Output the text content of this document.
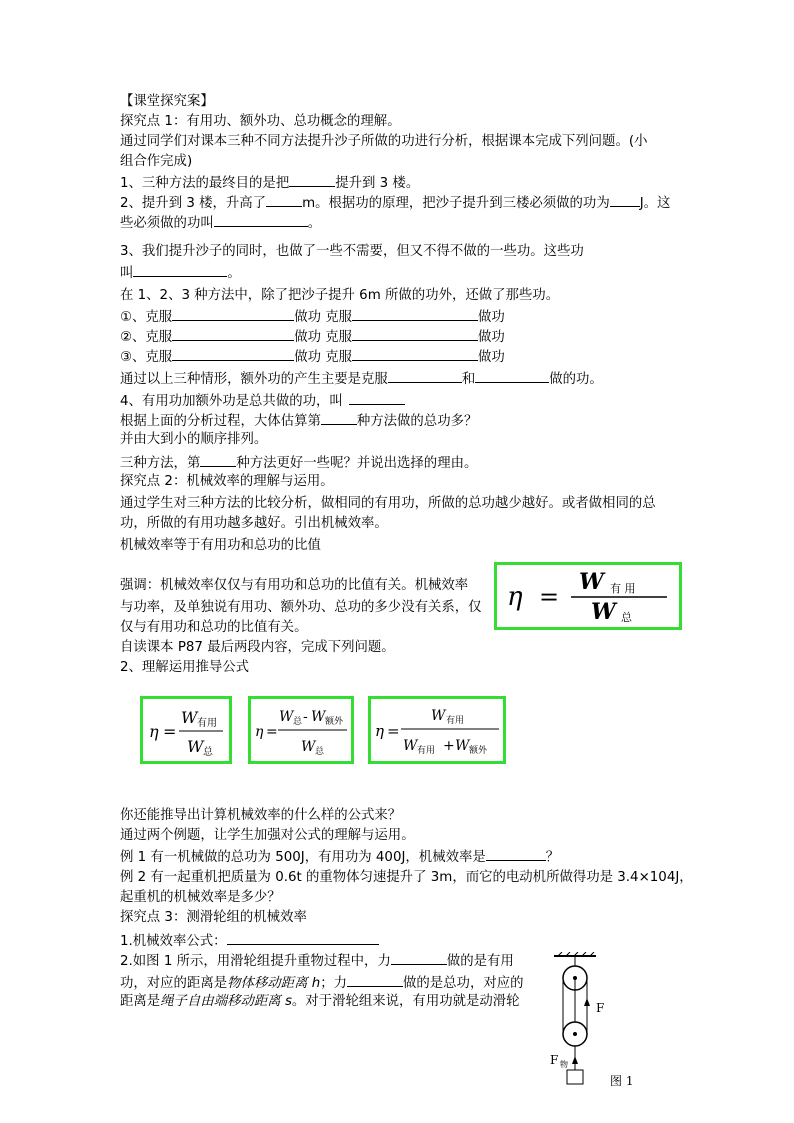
【课堂探究案】
探究点 1：有用功、额外功、总功概念的理解。
通过同学们对课本三种不同方法提升沙子所做的功进行分析，根据课本完成下列问题。(小
组合作完成)
1、三种方法的最终目的是把	提升到 3 楼。
2、提升到 3 楼，升高了	m。根据功的原理，把沙子提升到三楼必须做的功为 J。这
些必须做的功叫	。
3、我们提升沙子的同时，也做了一些不需要，但又不得不做的一些功。这些功
叫	。
在 1、2、3 种方法中，除了把沙子提升 6m 所做的功外，还做了那些功。
①、克服	做功 克服	做功
②、克服	做功 克服	做功
③、克服	做功 克服	做功
通过以上三种情形，额外功的产生主要是克服	和	做的功。
4、有用功加额外功是总共做的功，叫
根据上面的分析过程，大体估算第	种方法做的总功多？
并由大到小的顺序排列。
三种方法，第	种方法更好一些呢？并说出选择的理由。
探究点 2：机械效率的理解与运用。
通过学生对三种方法的比较分析，做相同的有用功，所做的总功越少越好。或者做相同的总
功，所做的有用功越多越好。引出机械效率。
机械效率等于有用功和总功的比值
强调：机械效率仅仅与有用功和总功的比值有关。机械效率
与功率，及单独说有用功、额外功、总功的多少没有关系，仅
仅与有用功和总功的比值有关。
自读课本 P87 最后两段内容，完成下列问题。
2、理解运用推导公式
η =
W 有 用
W 总
η =
W 有用
W 总
η =
W 总 - W 额外
W 总
η =
W 有用
W 有用 + W 额外
你还能推导出计算机械效率的什么样的公式来？
通过两个例题，让学生加强对公式的理解与运用。
例 1 有一机械做的总功为 500J，有用功为 400J，机械效率是	？
例 2 有一起重机把质量为 0.6t 的重物体匀速提升了 3m，而它的电动机所做得功是 3.4×104J，
起重机的机械效率是多少？
探究点 3：测滑轮组的机械效率
1.机械效率公式：
2.如图 1 所示，用滑轮组提升重物过程中，力	做的是有用
功，对应的距离是物体移动距离 h；力	做的是总功，对应的
距离是绳子自由端移动距离 s。对于滑轮组来说，有用功就是动滑轮	F
F 物
图 1
